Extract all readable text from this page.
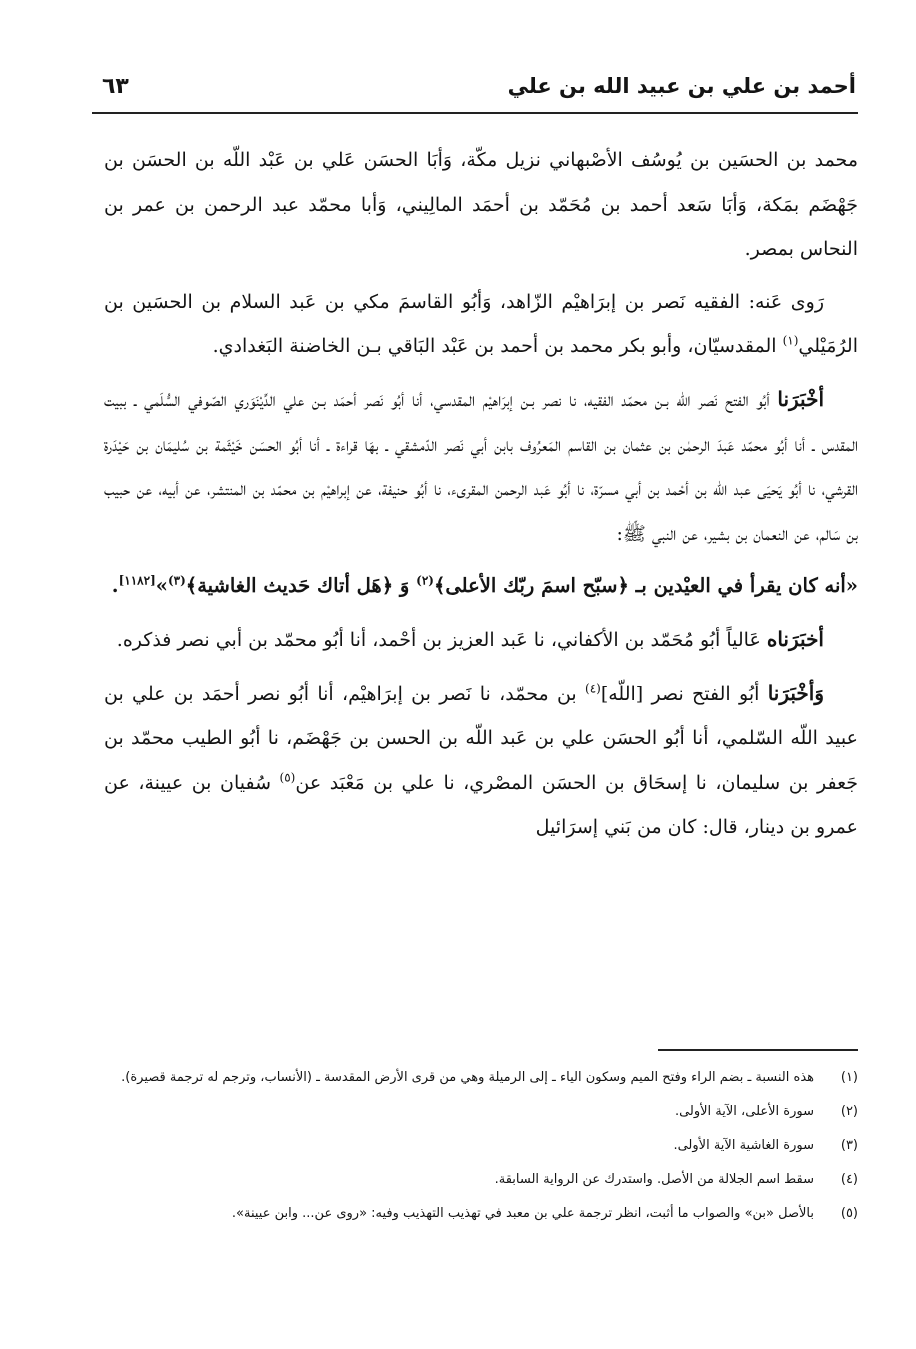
أحمد بن علي بن عبيد الله بن علي
٦٣

محمد بن الحسَين بن يُوسُف الأصْبهاني نزيل مكّة، وَأبَا الحسَن عَلي بن عَبْد اللّه بن الحسَن بن جَهْضَم بمَكة، وَأبَا سَعد أحمد بن مُحَمّد بن أحمَد المالِيني، وَأبا محمّد عبد الرحمن بن عمر بن النحاس بمصر.

رَوى عَنه: الفقيه نَصر بن إبرَاهيْم الزّاهد، وَأبُو القاسمَ مكي بن عَبد السلام بن الحسَين بن الرُمَيْلي$^{(١)}$ المقدسيّان، وأبو بكر محمد بن أحمد بن عَبْد البَاقي بـن الخاضنة البَغدادي.

أخْبَرَنا أبُو الفتح نَصر الله بـن محمّد الفقيه، نا نصر بـن إبرَاهيْم المقدسي، أنا أبُو نَصر أحمَد بـن علي الدِّيْنَوَري الصّوفي السُّلَمي ـ ببيت المقدس ـ أنا أبُو محمّد عَبدَ الرحمٰن بن عثمان بن القاسم المَعرُوف بابن أبي نَصر الدّمشقي ـ بهَا قراءة ـ أنا أبُو الحسَن خَيْثَمة بن سُليمَان بن حَيْدَرة القرشي، نا أبُو يَحيَى عبد اللّه بن أحْمد بن أبي مسرّة، نا أبُو عَبد الرحمن المقرىء، نا أبُو حنيفة، عن إبراهيْم بن محمّد بن المنتشر، عن أبيه، عن حبيب بن سَالم، عن النعمان بن بشير، عن النبي ﷺ:

«أنه كان يقرأ في العيْدين بـ ﴿سبّح اسمَ ربّك الأعلى﴾$^{(٢)}$ وَ ﴿هَل أتاك حَديث الغاشية﴾$^{(٣)}$»[١١٨٢].

أخبَرَناه عَالياً أبُو مُحَمّد بن الأكفاني، نا عَبد العزيز بن أحْمد، أنا أبُو محمّد بن أبي نصر فذكره.

وَأخْبَرَنا أبُو الفتح نصر [اللّه]$^{(٤)}$ بن محمّد، نا نَصر بن إبرَاهيْم، أنا أبُو نصر أحمَد بن علي بن عبيد اللّه السّلمي، أنا أبُو الحسَن علي بن عَبد اللّه بن الحسن بن جَهْضَم، نا أبُو الطيب محمّد بن جَعفر بن سليمان، نا إسحَاق بن الحسَن المصْري، نا علي بن مَعْبَد عن$^{(٥)}$ سُفيان بن عيينة، عن عمرو بن دينار، قال: كان من بَني إسرَائيل

(١)
هذه النسبة ـ بضم الراء وفتح الميم وسكون الياء ـ إلى الرميلة وهي من قرى الأرض المقدسة ـ (الأنساب، وترجم له ترجمة قصيرة).
(٢)
سورة الأعلى، الآية الأولى.
(٣)
سورة الغاشية الآية الأولى.
(٤)
سقط اسم الجلالة من الأصل. واستدرك عن الرواية السابقة.
(٥)
بالأصل «بن» والصواب ما أثبت، انظر ترجمة علي بن معبد في تهذيب التهذيب وفيه: «روى عن... وابن عيينة».
